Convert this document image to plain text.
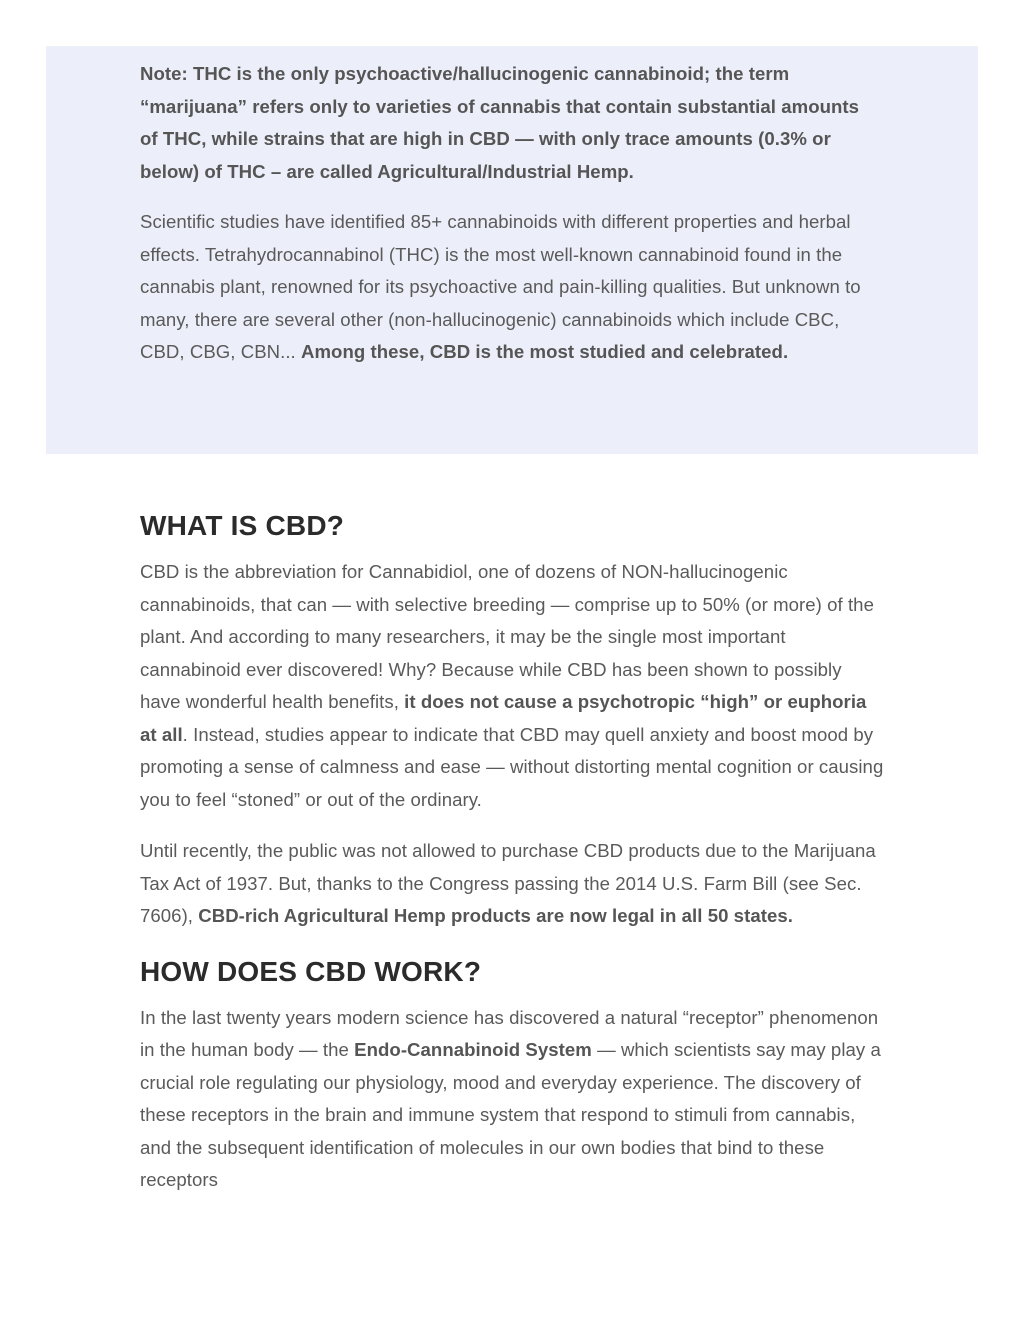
Note: THC is the only psychoactive/hallucinogenic cannabinoid; the term “marijuana” refers only to varieties of cannabis that contain substantial amounts of THC, while strains that are high in CBD — with only trace amounts (0.3% or below) of THC – are called Agricultural/Industrial Hemp.

Scientific studies have identified 85+ cannabinoids with different properties and herbal effects. Tetrahydrocannabinol (THC) is the most well-known cannabinoid found in the cannabis plant, renowned for its psychoactive and pain-killing qualities. But unknown to many, there are several other (non-hallucinogenic) cannabinoids which include CBC, CBD, CBG, CBN... Among these, CBD is the most studied and celebrated.

WHAT IS CBD?

CBD is the abbreviation for Cannabidiol, one of dozens of NON-hallucinogenic cannabinoids, that can — with selective breeding — comprise up to 50% (or more) of the plant. And according to many researchers, it may be the single most important cannabinoid ever discovered! Why? Because while CBD has been shown to possibly have wonderful health benefits, it does not cause a psychotropic “high” or euphoria at all. Instead, studies appear to indicate that CBD may quell anxiety and boost mood by promoting a sense of calmness and ease — without distorting mental cognition or causing you to feel “stoned” or out of the ordinary.

Until recently, the public was not allowed to purchase CBD products due to the Marijuana Tax Act of 1937. But, thanks to the Congress passing the 2014 U.S. Farm Bill (see Sec. 7606), CBD-rich Agricultural Hemp products are now legal in all 50 states.

HOW DOES CBD WORK?

In the last twenty years modern science has discovered a natural “receptor” phenomenon in the human body — the Endo-Cannabinoid System — which scientists say may play a crucial role regulating our physiology, mood and everyday experience. The discovery of these receptors in the brain and immune system that respond to stimuli from cannabis, and the subsequent identification of molecules in our own bodies that bind to these receptors
